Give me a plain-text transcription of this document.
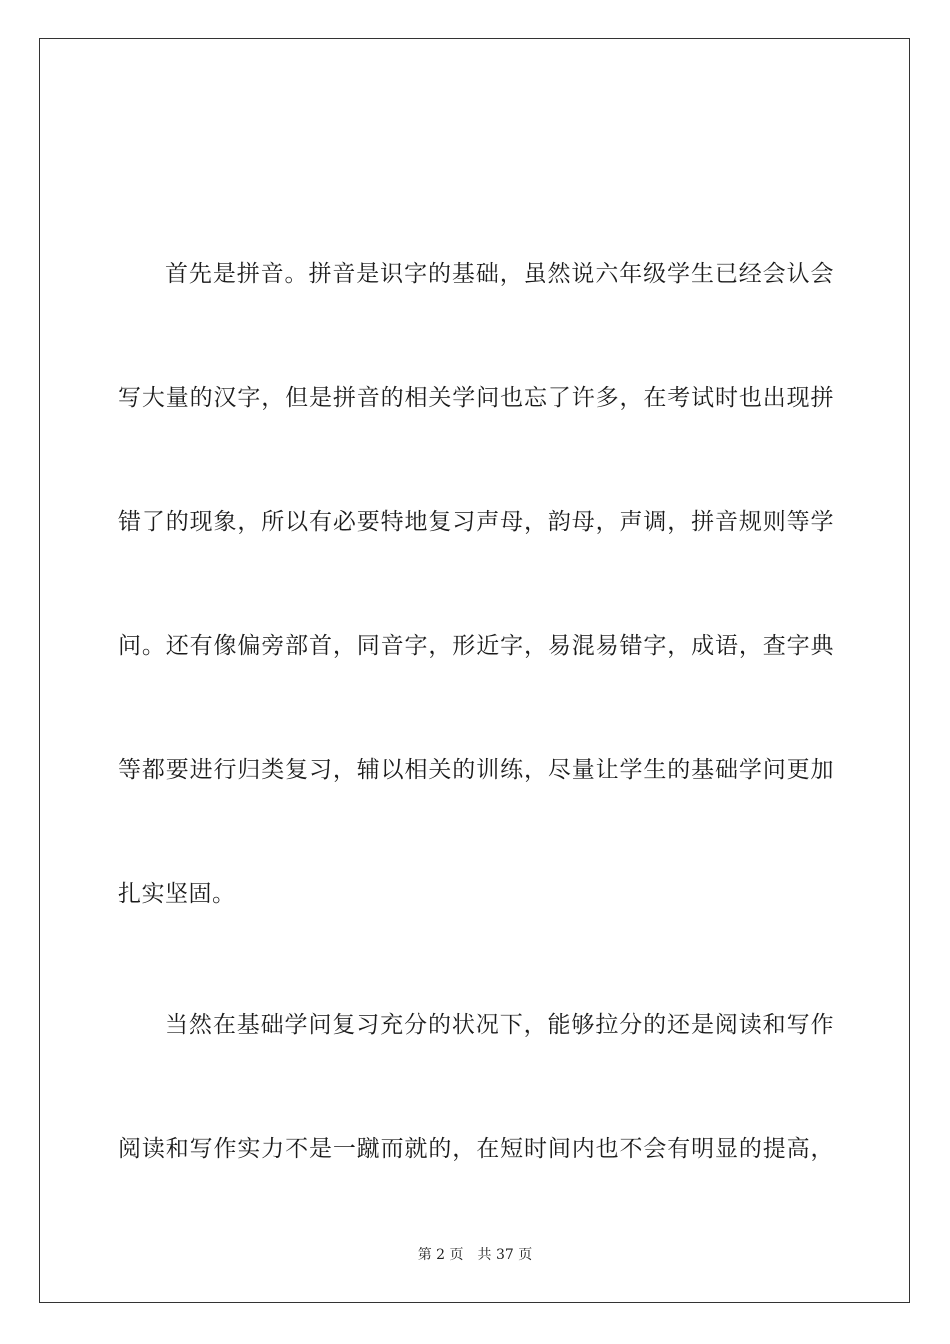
首先是拼音。拼音是识字的基础，虽然说六年级学生已经会认会
写大量的汉字，但是拼音的相关学问也忘了许多，在考试时也出现拼
错了的现象，所以有必要特地复习声母，韵母，声调，拼音规则等学
问。还有像偏旁部首，同音字，形近字，易混易错字，成语，查字典
等都要进行归类复习，辅以相关的训练，尽量让学生的基础学问更加
扎实坚固。
当然在基础学问复习充分的状况下，能够拉分的还是阅读和写作
阅读和写作实力不是一蹴而就的，在短时间内也不会有明显的提高，
第 2 页 共 37 页
